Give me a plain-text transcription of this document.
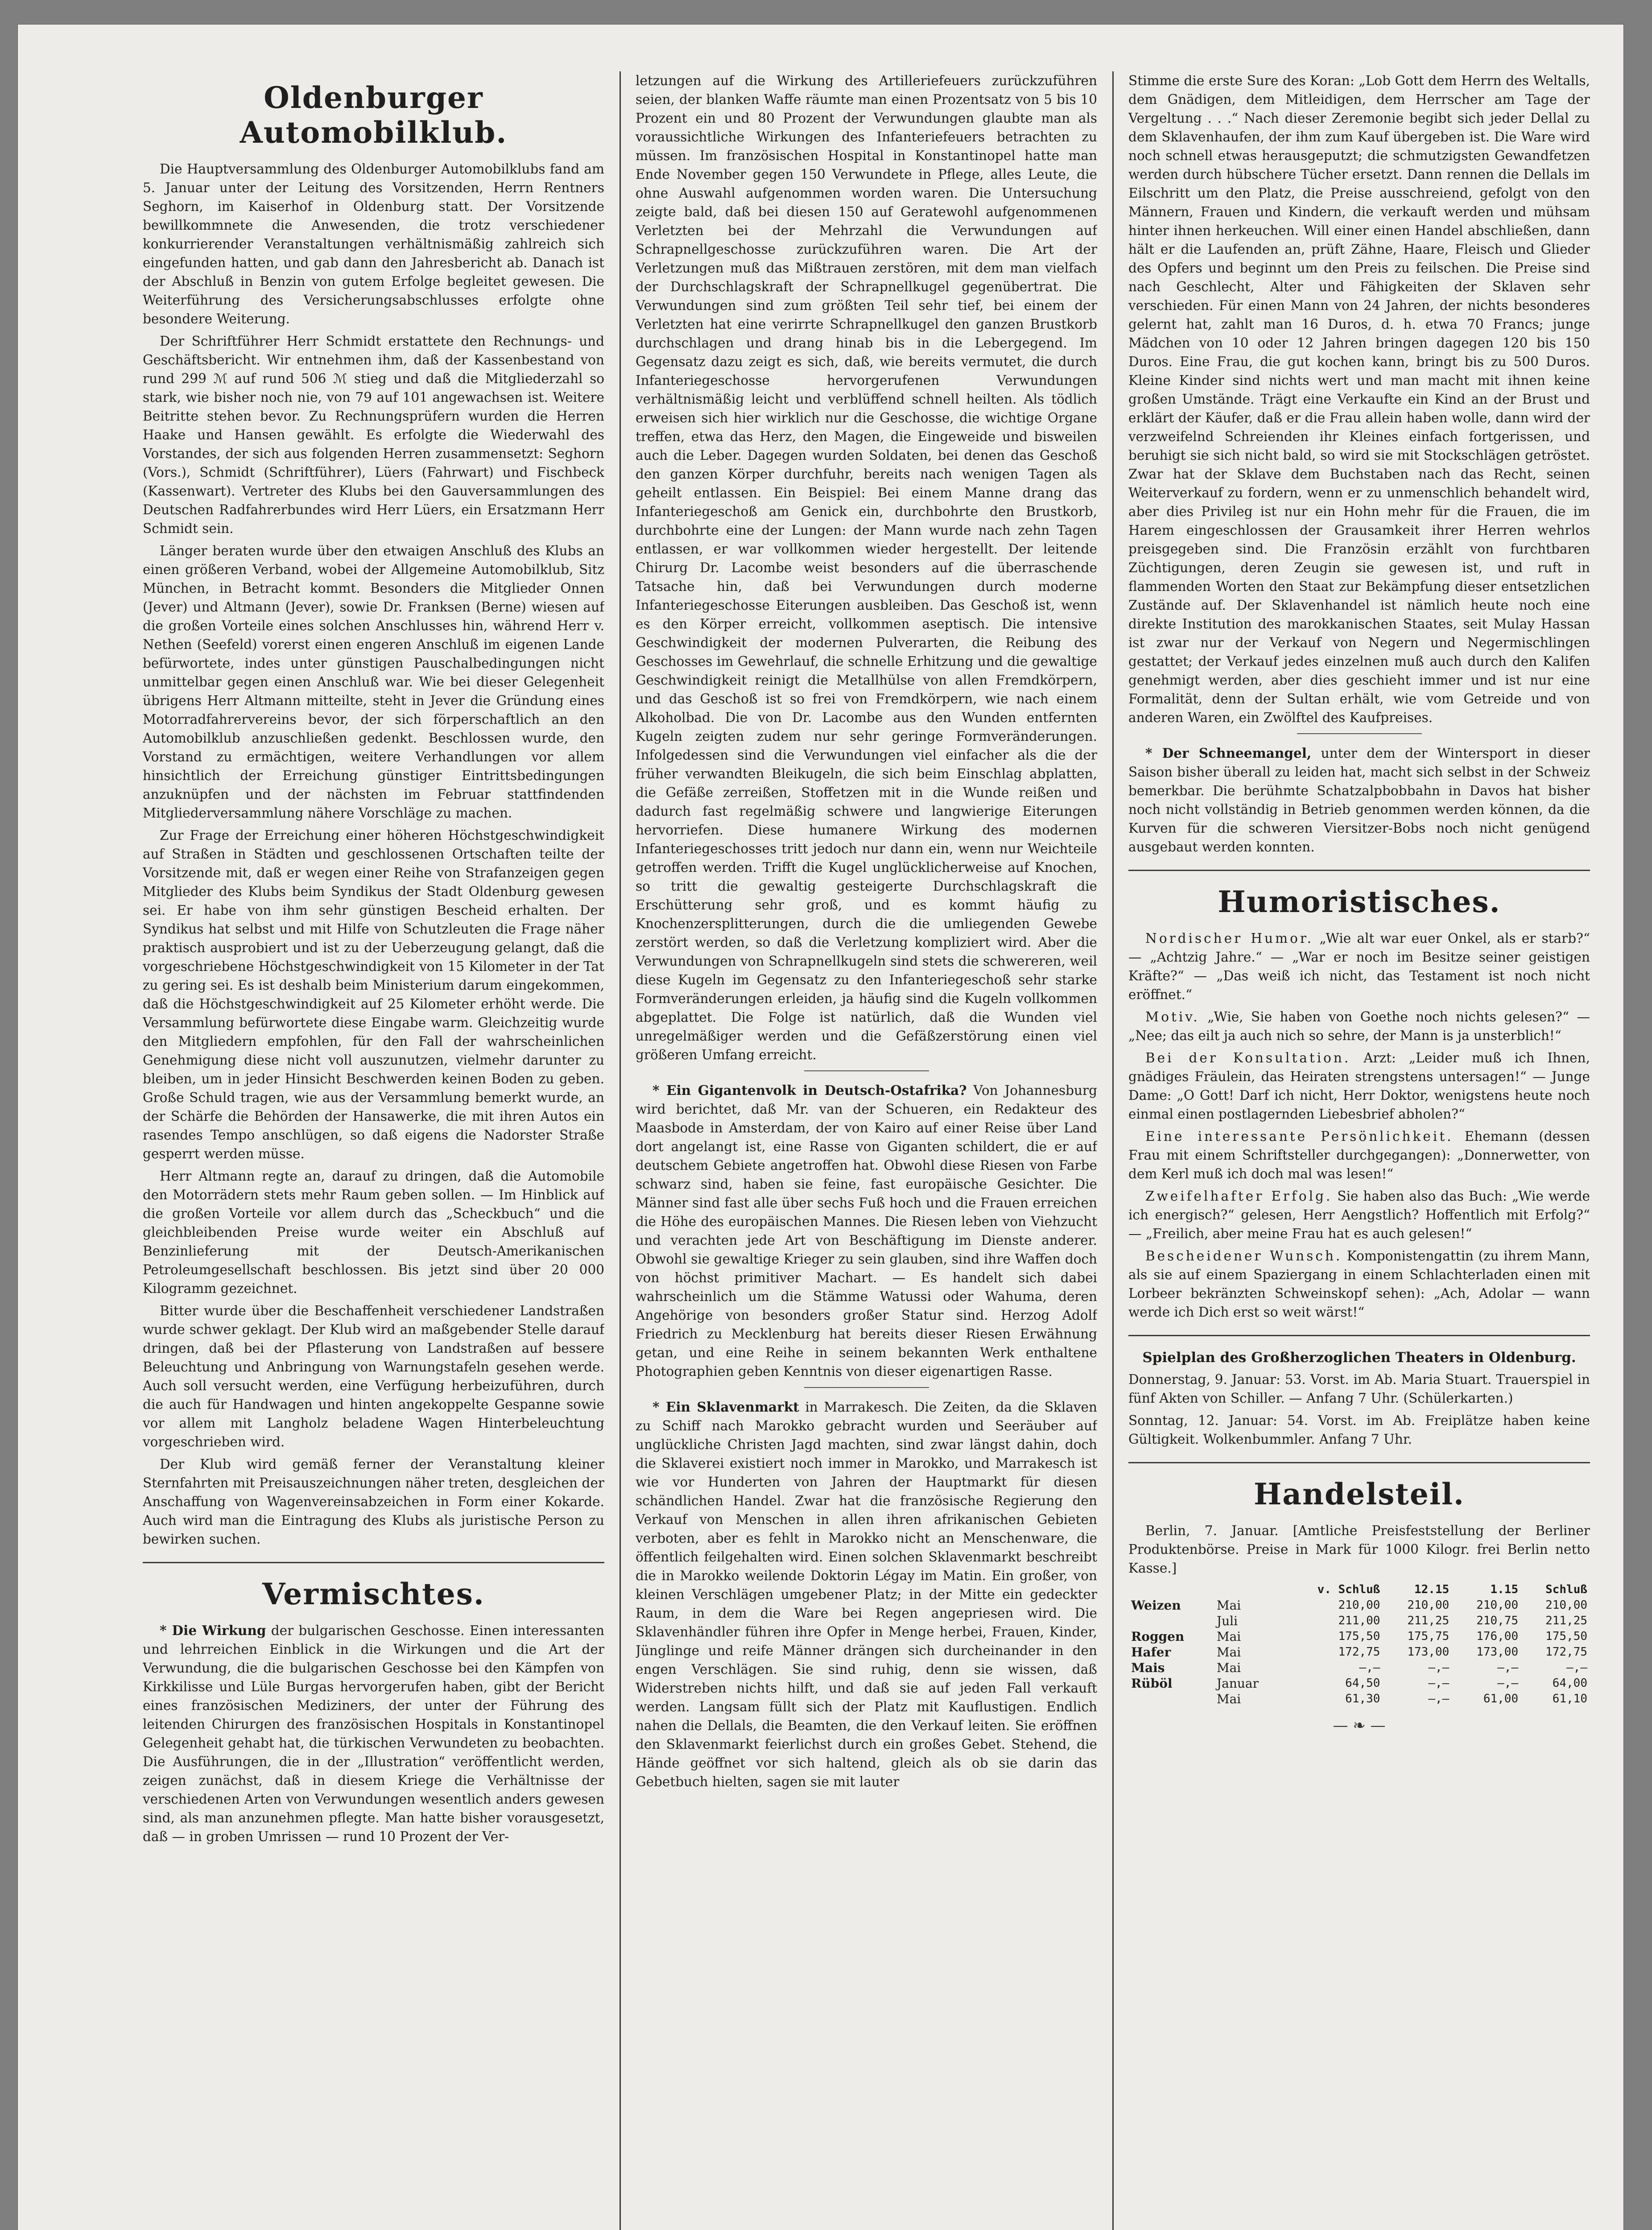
Oldenburger Automobilklub.

Die Hauptversammlung des Oldenburger Automobilklubs fand am 5. Januar unter der Leitung des Vorsitzenden, Herrn Rentners Seghorn, im Kaiserhof in Oldenburg statt. Der Vorsitzende bewillkommnete die Anwesenden, die trotz verschiedener konkurrierender Veranstaltungen verhältnismäßig zahlreich sich eingefunden hatten, und gab dann den Jahresbericht ab. Danach ist der Abschluß in Benzin von gutem Erfolge begleitet gewesen. Die Weiterführung des Versicherungsabschlusses erfolgte ohne besondere Weiterung.

Der Schriftführer Herr Schmidt erstattete den Rechnungs- und Geschäftsbericht. Wir entnehmen ihm, daß der Kassenbestand von rund 299 ℳ auf rund 506 ℳ stieg und daß die Mitgliederzahl so stark, wie bisher noch nie, von 79 auf 101 angewachsen ist. Weitere Beitritte stehen bevor. Zu Rechnungsprüfern wurden die Herren Haake und Hansen gewählt. Es erfolgte die Wiederwahl des Vorstandes, der sich aus folgenden Herren zusammensetzt: Seghorn (Vors.), Schmidt (Schriftführer), Lüers (Fahrwart) und Fischbeck (Kassenwart). Vertreter des Klubs bei den Gauversammlungen des Deutschen Radfahrerbundes wird Herr Lüers, ein Ersatzmann Herr Schmidt sein.

Länger beraten wurde über den etwaigen Anschluß des Klubs an einen größeren Verband, wobei der Allgemeine Automobilklub, Sitz München, in Betracht kommt. Besonders die Mitglieder Onnen (Jever) und Altmann (Jever), sowie Dr. Franksen (Berne) wiesen auf die großen Vorteile eines solchen Anschlusses hin, während Herr v. Nethen (Seefeld) vorerst einen engeren Anschluß im eigenen Lande befürwortete, indes unter günstigen Pauschalbedingungen nicht unmittelbar gegen einen Anschluß war. Wie bei dieser Gelegenheit übrigens Herr Altmann mitteilte, steht in Jever die Gründung eines Motorradfahrervereins bevor, der sich förperschaftlich an den Automobilklub anzuschließen gedenkt. Beschlossen wurde, den Vorstand zu ermächtigen, weitere Verhandlungen vor allem hinsichtlich der Erreichung günstiger Eintrittsbedingungen anzuknüpfen und der nächsten im Februar stattfindenden Mitgliederversammlung nähere Vorschläge zu machen.

Zur Frage der Erreichung einer höheren Höchstgeschwindigkeit auf Straßen in Städten und geschlossenen Ortschaften teilte der Vorsitzende mit, daß er wegen einer Reihe von Strafanzeigen gegen Mitglieder des Klubs beim Syndikus der Stadt Oldenburg gewesen sei. Er habe von ihm sehr günstigen Bescheid erhalten. Der Syndikus hat selbst und mit Hilfe von Schutzleuten die Frage näher praktisch ausprobiert und ist zu der Ueberzeugung gelangt, daß die vorgeschriebene Höchstgeschwindigkeit von 15 Kilometer in der Tat zu gering sei. Es ist deshalb beim Ministerium darum eingekommen, daß die Höchstgeschwindigkeit auf 25 Kilometer erhöht werde. Die Versammlung befürwortete diese Eingabe warm. Gleichzeitig wurde den Mitgliedern empfohlen, für den Fall der wahrscheinlichen Genehmigung diese nicht voll auszunutzen, vielmehr darunter zu bleiben, um in jeder Hinsicht Beschwerden keinen Boden zu geben. Große Schuld tragen, wie aus der Versammlung bemerkt wurde, an der Schärfe die Behörden der Hansawerke, die mit ihren Autos ein rasendes Tempo anschlügen, so daß eigens die Nadorster Straße gesperrt werden müsse.

Herr Altmann regte an, darauf zu dringen, daß die Automobile den Motorrädern stets mehr Raum geben sollen. — Im Hinblick auf die großen Vorteile vor allem durch das „Scheckbuch“ und die gleichbleibenden Preise wurde weiter ein Abschluß auf Benzinlieferung mit der Deutsch-Amerikanischen Petroleumgesellschaft beschlossen. Bis jetzt sind über 20 000 Kilogramm gezeichnet.

Bitter wurde über die Beschaffenheit verschiedener Landstraßen wurde schwer geklagt. Der Klub wird an maßgebender Stelle darauf dringen, daß bei der Pflasterung von Landstraßen auf bessere Beleuchtung und Anbringung von Warnungstafeln gesehen werde. Auch soll versucht werden, eine Verfügung herbeizuführen, durch die auch für Handwagen und hinten angekoppelte Gespanne sowie vor allem mit Langholz beladene Wagen Hinterbeleuchtung vorgeschrieben wird.

Der Klub wird gemäß ferner der Veranstaltung kleiner Sternfahrten mit Preisauszeichnungen näher treten, desgleichen der Anschaffung von Wagenvereinsabzeichen in Form einer Kokarde. Auch wird man die Eintragung des Klubs als juristische Person zu bewirken suchen.

Vermischtes.

* Die Wirkung der bulgarischen Geschosse. Einen interessanten und lehrreichen Einblick in die Wirkungen und die Art der Verwundung, die die bulgarischen Geschosse bei den Kämpfen von Kirkkilisse und Lüle Burgas hervorgerufen haben, gibt der Bericht eines französischen Mediziners, der unter der Führung des leitenden Chirurgen des französischen Hospitals in Konstantinopel Gelegenheit gehabt hat, die türkischen Verwundeten zu beobachten. Die Ausführungen, die in der „Illustration“ veröffentlicht werden, zeigen zunächst, daß in diesem Kriege die Verhältnisse der verschiedenen Arten von Verwundungen wesentlich anders gewesen sind, als man anzunehmen pflegte. Man hatte bisher vorausgesetzt, daß — in groben Umrissen — rund 10 Prozent der Ver-

letzungen auf die Wirkung des Artilleriefeuers zurückzuführen seien, der blanken Waffe räumte man einen Prozentsatz von 5 bis 10 Prozent ein und 80 Prozent der Verwundungen glaubte man als voraussichtliche Wirkungen des Infanteriefeuers betrachten zu müssen. Im französischen Hospital in Konstantinopel hatte man Ende November gegen 150 Verwundete in Pflege, alles Leute, die ohne Auswahl aufgenommen worden waren. Die Untersuchung zeigte bald, daß bei diesen 150 auf Geratewohl aufgenommenen Verletzten bei der Mehrzahl die Verwundungen auf Schrapnellgeschosse zurückzuführen waren. Die Art der Verletzungen muß das Mißtrauen zerstören, mit dem man vielfach der Durchschlagskraft der Schrapnellkugel gegenübertrat. Die Verwundungen sind zum größten Teil sehr tief, bei einem der Verletzten hat eine verirrte Schrapnellkugel den ganzen Brustkorb durchschlagen und drang hinab bis in die Lebergegend. Im Gegensatz dazu zeigt es sich, daß, wie bereits vermutet, die durch Infanteriegeschosse hervorgerufenen Verwundungen verhältnismäßig leicht und verblüffend schnell heilten. Als tödlich erweisen sich hier wirklich nur die Geschosse, die wichtige Organe treffen, etwa das Herz, den Magen, die Eingeweide und bisweilen auch die Leber. Dagegen wurden Soldaten, bei denen das Geschoß den ganzen Körper durchfuhr, bereits nach wenigen Tagen als geheilt entlassen. Ein Beispiel: Bei einem Manne drang das Infanteriegeschoß am Genick ein, durchbohrte den Brustkorb, durchbohrte eine der Lungen: der Mann wurde nach zehn Tagen entlassen, er war vollkommen wieder hergestellt. Der leitende Chirurg Dr. Lacombe weist besonders auf die überraschende Tatsache hin, daß bei Verwundungen durch moderne Infanteriegeschosse Eiterungen ausbleiben. Das Geschoß ist, wenn es den Körper erreicht, vollkommen aseptisch. Die intensive Geschwindigkeit der modernen Pulverarten, die Reibung des Geschosses im Gewehrlauf, die schnelle Erhitzung und die gewaltige Geschwindigkeit reinigt die Metallhülse von allen Fremdkörpern, und das Geschoß ist so frei von Fremdkörpern, wie nach einem Alkoholbad. Die von Dr. Lacombe aus den Wunden entfernten Kugeln zeigten zudem nur sehr geringe Formveränderungen. Infolgedessen sind die Verwundungen viel einfacher als die der früher verwandten Bleikugeln, die sich beim Einschlag abplatten, die Gefäße zerreißen, Stoffetzen mit in die Wunde reißen und dadurch fast regelmäßig schwere und langwierige Eiterungen hervorriefen. Diese humanere Wirkung des modernen Infanteriegeschosses tritt jedoch nur dann ein, wenn nur Weichteile getroffen werden. Trifft die Kugel unglücklicherweise auf Knochen, so tritt die gewaltig gesteigerte Durchschlagskraft die Erschütterung sehr groß, und es kommt häufig zu Knochenzersplitterungen, durch die die umliegenden Gewebe zerstört werden, so daß die Verletzung kompliziert wird. Aber die Verwundungen von Schrapnellkugeln sind stets die schwereren, weil diese Kugeln im Gegensatz zu den Infanteriegeschoß sehr starke Formveränderungen erleiden, ja häufig sind die Kugeln vollkommen abgeplattet. Die Folge ist natürlich, daß die Wunden viel unregelmäßiger werden und die Gefäßzerstörung einen viel größeren Umfang erreicht.

* Ein Gigantenvolk in Deutsch-Ostafrika? Von Johannesburg wird berichtet, daß Mr. van der Schueren, ein Redakteur des Maasbode in Amsterdam, der von Kairo auf einer Reise über Land dort angelangt ist, eine Rasse von Giganten schildert, die er auf deutschem Gebiete angetroffen hat. Obwohl diese Riesen von Farbe schwarz sind, haben sie feine, fast europäische Gesichter. Die Männer sind fast alle über sechs Fuß hoch und die Frauen erreichen die Höhe des europäischen Mannes. Die Riesen leben von Viehzucht und verachten jede Art von Beschäftigung im Dienste anderer. Obwohl sie gewaltige Krieger zu sein glauben, sind ihre Waffen doch von höchst primitiver Machart. — Es handelt sich dabei wahrscheinlich um die Stämme Watussi oder Wahuma, deren Angehörige von besonders großer Statur sind. Herzog Adolf Friedrich zu Mecklenburg hat bereits dieser Riesen Erwähnung getan, und eine Reihe in seinem bekannten Werk enthaltene Photographien geben Kenntnis von dieser eigenartigen Rasse.

* Ein Sklavenmarkt in Marrakesch. Die Zeiten, da die Sklaven zu Schiff nach Marokko gebracht wurden und Seeräuber auf unglückliche Christen Jagd machten, sind zwar längst dahin, doch die Sklaverei existiert noch immer in Marokko, und Marrakesch ist wie vor Hunderten von Jahren der Hauptmarkt für diesen schändlichen Handel. Zwar hat die französische Regierung den Verkauf von Menschen in allen ihren afrikanischen Gebieten verboten, aber es fehlt in Marokko nicht an Menschenware, die öffentlich feilgehalten wird. Einen solchen Sklavenmarkt beschreibt die in Marokko weilende Doktorin Légay im Matin. Ein großer, von kleinen Verschlägen umgebener Platz; in der Mitte ein gedeckter Raum, in dem die Ware bei Regen angepriesen wird. Die Sklavenhändler führen ihre Opfer in Menge herbei, Frauen, Kinder, Jünglinge und reife Männer drängen sich durcheinander in den engen Verschlägen. Sie sind ruhig, denn sie wissen, daß Widerstreben nichts hilft, und daß sie auf jeden Fall verkauft werden. Langsam füllt sich der Platz mit Kauflustigen. Endlich nahen die Dellals, die Beamten, die den Verkauf leiten. Sie eröffnen den Sklavenmarkt feierlichst durch ein großes Gebet. Stehend, die Hände geöffnet vor sich haltend, gleich als ob sie darin das Gebetbuch hielten, sagen sie mit lauter

Stimme die erste Sure des Koran: „Lob Gott dem Herrn des Weltalls, dem Gnädigen, dem Mitleidigen, dem Herrscher am Tage der Vergeltung . . .“ Nach dieser Zeremonie begibt sich jeder Dellal zu dem Sklavenhaufen, der ihm zum Kauf übergeben ist. Die Ware wird noch schnell etwas herausgeputzt; die schmutzigsten Gewandfetzen werden durch hübschere Tücher ersetzt. Dann rennen die Dellals im Eilschritt um den Platz, die Preise ausschreiend, gefolgt von den Männern, Frauen und Kindern, die verkauft werden und mühsam hinter ihnen herkeuchen. Will einer einen Handel abschließen, dann hält er die Laufenden an, prüft Zähne, Haare, Fleisch und Glieder des Opfers und beginnt um den Preis zu feilschen. Die Preise sind nach Geschlecht, Alter und Fähigkeiten der Sklaven sehr verschieden. Für einen Mann von 24 Jahren, der nichts besonderes gelernt hat, zahlt man 16 Duros, d. h. etwa 70 Francs; junge Mädchen von 10 oder 12 Jahren bringen dagegen 120 bis 150 Duros. Eine Frau, die gut kochen kann, bringt bis zu 500 Duros. Kleine Kinder sind nichts wert und man macht mit ihnen keine großen Umstände. Trägt eine Verkaufte ein Kind an der Brust und erklärt der Käufer, daß er die Frau allein haben wolle, dann wird der verzweifelnd Schreienden ihr Kleines einfach fortgerissen, und beruhigt sie sich nicht bald, so wird sie mit Stockschlägen getröstet. Zwar hat der Sklave dem Buchstaben nach das Recht, seinen Weiterverkauf zu fordern, wenn er zu unmenschlich behandelt wird, aber dies Privileg ist nur ein Hohn mehr für die Frauen, die im Harem eingeschlossen der Grausamkeit ihrer Herren wehrlos preisgegeben sind. Die Französin erzählt von furchtbaren Züchtigungen, deren Zeugin sie gewesen ist, und ruft in flammenden Worten den Staat zur Bekämpfung dieser entsetzlichen Zustände auf. Der Sklavenhandel ist nämlich heute noch eine direkte Institution des marokkanischen Staates, seit Mulay Hassan ist zwar nur der Verkauf von Negern und Negermischlingen gestattet; der Verkauf jedes einzelnen muß auch durch den Kalifen genehmigt werden, aber dies geschieht immer und ist nur eine Formalität, denn der Sultan erhält, wie vom Getreide und von anderen Waren, ein Zwölftel des Kaufpreises.

* Der Schneemangel, unter dem der Wintersport in dieser Saison bisher überall zu leiden hat, macht sich selbst in der Schweiz bemerkbar. Die berühmte Schatzalpbobbahn in Davos hat bisher noch nicht vollständig in Betrieb genommen werden können, da die Kurven für die schweren Viersitzer-Bobs noch nicht genügend ausgebaut werden konnten.

Humoristisches.

Nordischer Humor. „Wie alt war euer Onkel, als er starb?“ — „Achtzig Jahre.“ — „War er noch im Besitze seiner geistigen Kräfte?“ — „Das weiß ich nicht, das Testament ist noch nicht eröffnet.“

Motiv. „Wie, Sie haben von Goethe noch nichts gelesen?“ — „Nee; das eilt ja auch nich so sehre, der Mann is ja unsterblich!“

Bei der Konsultation. Arzt: „Leider muß ich Ihnen, gnädiges Fräulein, das Heiraten strengstens untersagen!“ — Junge Dame: „O Gott! Darf ich nicht, Herr Doktor, wenigstens heute noch einmal einen postlagernden Liebesbrief abholen?“

Eine interessante Persönlichkeit. Ehemann (dessen Frau mit einem Schriftsteller durchgegangen): „Donnerwetter, von dem Kerl muß ich doch mal was lesen!“

Zweifelhafter Erfolg. Sie haben also das Buch: „Wie werde ich energisch?“ gelesen, Herr Aengstlich? Hoffentlich mit Erfolg?“ — „Freilich, aber meine Frau hat es auch gelesen!“

Bescheidener Wunsch. Komponistengattin (zu ihrem Mann, als sie auf einem Spaziergang in einem Schlachterladen einen mit Lorbeer bekränzten Schweinskopf sehen): „Ach, Adolar — wann werde ich Dich erst so weit wärst!“

Spielplan des Großherzoglichen Theaters in Oldenburg.

Donnerstag, 9. Januar: 53. Vorst. im Ab. Maria Stuart. Trauerspiel in fünf Akten von Schiller. — Anfang 7 Uhr. (Schülerkarten.)

Sonntag, 12. Januar: 54. Vorst. im Ab. Freiplätze haben keine Gültigkeit. Wolkenbummler. Anfang 7 Uhr.

Handelsteil.

Berlin, 7. Januar. [Amtliche Preisfeststellung der Berliner Produktenbörse. Preise in Mark für 1000 Kilogr. frei Berlin netto Kasse.]

		v. Schluß	12.15	1.15	Schluß
Weizen	Mai	210,00	210,00	210,00	210,00
	Juli	211,00	211,25	210,75	211,25
Roggen	Mai	175,50	175,75	176,00	175,50
Hafer	Mai	172,75	173,00	173,00	172,75
Mais	Mai	—,—	—,—	—,—	—,—
Rüböl	Januar	64,50	—,—	—,—	64,00
	Mai	61,30	—,—	61,00	61,10
— ❧ —
